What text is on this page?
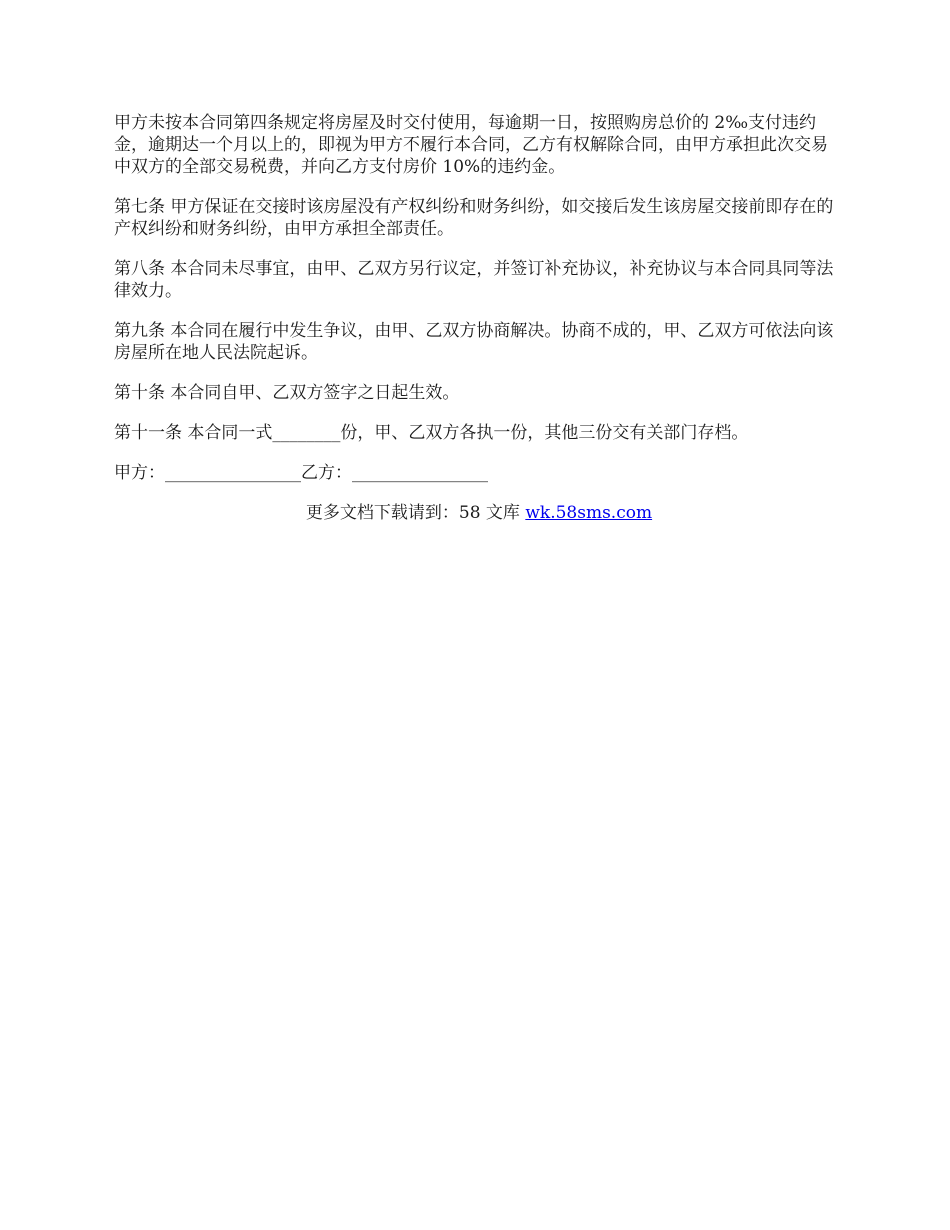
甲方未按本合同第四条规定将房屋及时交付使用，每逾期一日，按照购房总价的 2‰支付违约金，逾期达一个月以上的，即视为甲方不履行本合同，乙方有权解除合同，由甲方承担此次交易中双方的全部交易税费，并向乙方支付房价 10%的违约金。

第七条 甲方保证在交接时该房屋没有产权纠纷和财务纠纷，如交接后发生该房屋交接前即存在的产权纠纷和财务纠纷，由甲方承担全部责任。

第八条 本合同未尽事宜，由甲、乙双方另行议定，并签订补充协议，补充协议与本合同具同等法律效力。

第九条 本合同在履行中发生争议，由甲、乙双方协商解决。协商不成的，甲、乙双方可依法向该房屋所在地人民法院起诉。

第十条 本合同自甲、乙双方签字之日起生效。

第十一条 本合同一式________份，甲、乙双方各执一份，其他三份交有关部门存档。

甲方：________________乙方：________________

更多文档下载请到：58 文库 wk.58sms.com
